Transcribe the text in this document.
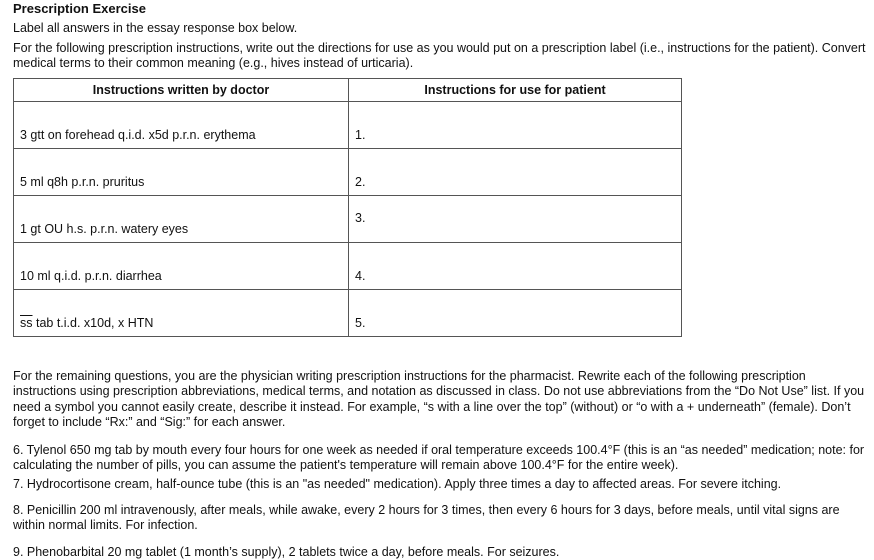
Prescription Exercise

Label all answers in the essay response box below.

For the following prescription instructions, write out the directions for use as you would put on a prescription label (i.e., instructions for the patient). Convert medical terms to their common meaning (e.g., hives instead of urticaria).

Instructions written by doctor	Instructions for use for patient
3 gtt on forehead q.i.d. x5d p.r.n. erythema	1.
5 ml q8h p.r.n. pruritus	2.
1 gt OU h.s. p.r.n. watery eyes	3.
10 ml q.i.d. p.r.n. diarrhea	4.
$\overline{ss}$ tab t.i.d. x10d, x HTN	5.

For the remaining questions, you are the physician writing prescription instructions for the pharmacist. Rewrite each of the following prescription instructions using prescription abbreviations, medical terms, and notation as discussed in class. Do not use abbreviations from the “Do Not Use” list. If you need a symbol you cannot easily create, describe it instead. For example, “s with a line over the top” (without) or “o with a + underneath” (female). Don’t forget to include “Rx:” and “Sig:” for each answer.

6. Tylenol 650 mg tab by mouth every four hours for one week as needed if oral temperature exceeds 100.4°F (this is an “as needed” medication; note: for calculating the number of pills, you can assume the patient's temperature will remain above 100.4°F for the entire week).

7. Hydrocortisone cream, half-ounce tube (this is an "as needed" medication). Apply three times a day to affected areas. For severe itching.

8. Penicillin 200 ml intravenously, after meals, while awake, every 2 hours for 3 times, then every 6 hours for 3 days, before meals, until vital signs are within normal limits. For infection.

9. Phenobarbital 20 mg tablet (1 month’s supply), 2 tablets twice a day, before meals. For seizures.
